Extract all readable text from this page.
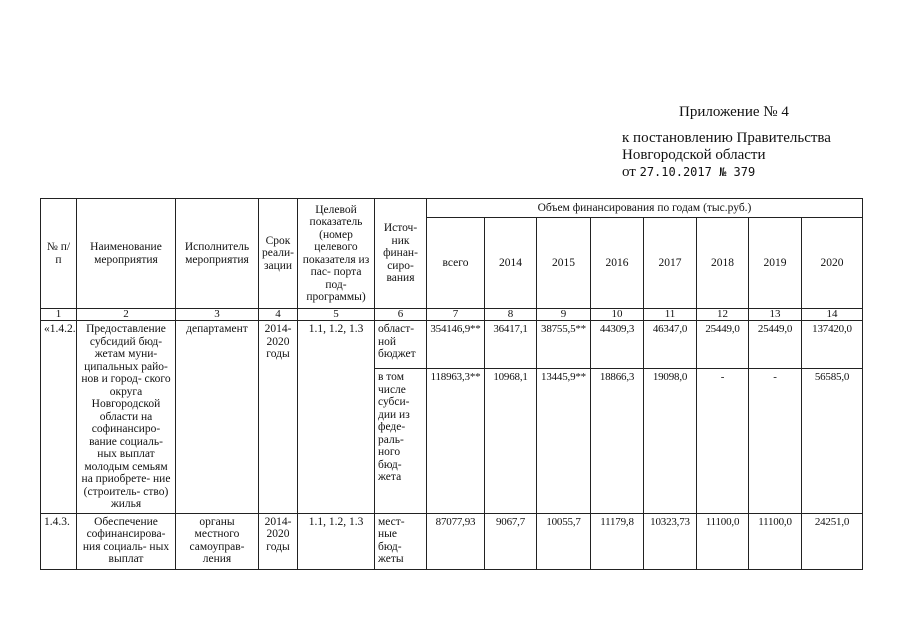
Приложение № 4
к постановлению Правительства
Новгородской области
от 27.10.2017 № 379
№ п/п	Наименование мероприятия	Исполнитель мероприятия	Срок реали- зации	Целевой показатель (номер целевого показателя из пас- порта под- программы)	Источ- ник финан- сиро- вания	Объем финансирования по годам (тыс.руб.)							
						всего	2014	2015	2016	2017	2018	2019	2020
1	2	3	4	5	6	7	8	9	10	11	12	13	14
«1.4.2.	Предоставление субсидий бюд- жетам муни- ципальных райо- нов и город- ского округа Новгородской области на софинансиро- вание социаль- ных выплат молодым семьям на приобрете- ние (строитель- ство) жилья	департамент	2014- 2020 годы	1.1, 1.2, 1.3	област- ной бюджет	354146,9**	36417,1	38755,5**	44309,3	46347,0	25449,0	25449,0	137420,0
					в том числе субси- дии из феде- раль- ного бюд- жета	118963,3**	10968,1	13445,9**	18866,3	19098,0	-	-	56585,0
1.4.3.	Обеспечение софинансирова- ния социаль- ных выплат	органы местного самоуправ- ления	2014- 2020 годы	1.1, 1.2, 1.3	мест- ные бюд- жеты	87077,93	9067,7	10055,7	11179,8	10323,73	11100,0	11100,0	24251,0
